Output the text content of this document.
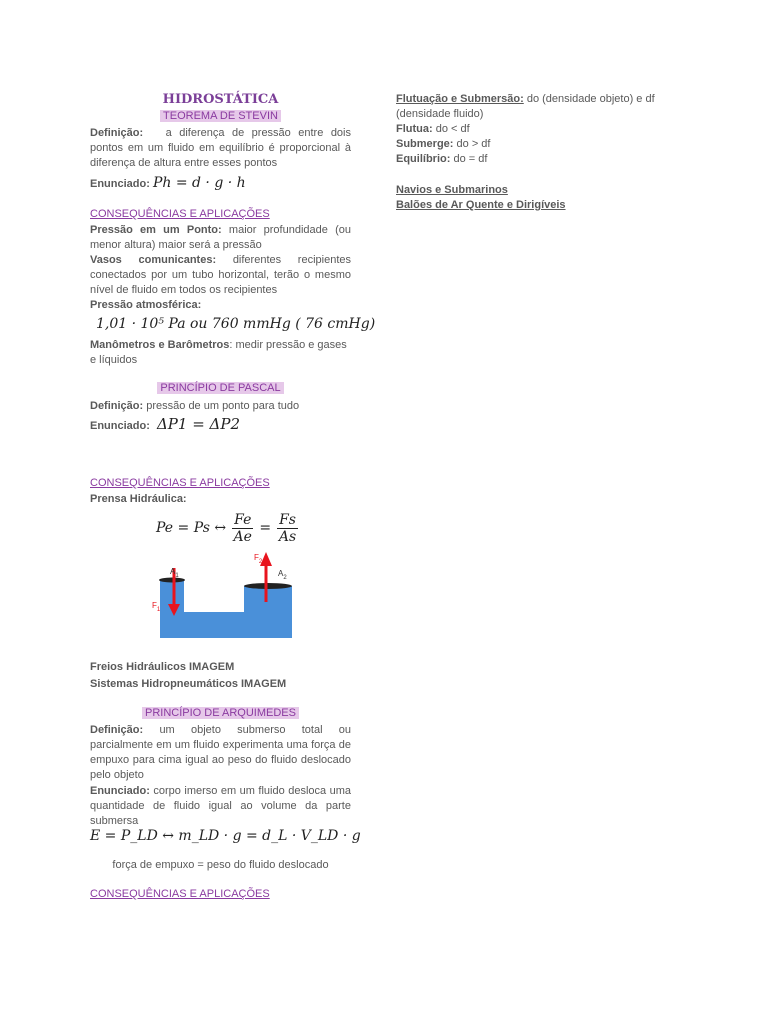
HIDROSTÁTICA
TEOREMA DE STEVIN
Definição: a diferença de pressão entre dois pontos em um fluido em equilíbrio é proporcional à diferença de altura entre esses pontos
Enunciado: Ph = d · g · h
CONSEQUÊNCIAS E APLICAÇÕES
Pressão em um Ponto: maior profundidade (ou menor altura) maior será a pressão
Vasos comunicantes: diferentes recipientes conectados por um tubo horizontal, terão o mesmo nível de fluido em todos os recipientes
Pressão atmosférica:
1,01 · 10⁵ Pa ou 760 mmHg ( 76 cmHg)
Manômetros e Barômetros: medir pressão e gases e líquidos
PRINCÍPIO DE PASCAL
Definição: pressão de um ponto para tudo
Enunciado: ΔP1 = ΔP2
CONSEQUÊNCIAS E APLICAÇÕES
Prensa Hidráulica:
Pe = Ps ↔ $\frac{Fe}{Ae} = \frac{Fs}{As}$
$A_1$	$A_2$
$F_1$
$F_2$
Freios Hidráulicos IMAGEM
Sistemas Hidropneumáticos IMAGEM
PRINCÍPIO DE ARQUIMEDES
Definição: um objeto submerso total ou parcialmente em um fluido experimenta uma força de empuxo para cima igual ao peso do fluido deslocado pelo objeto
Enunciado: corpo imerso em um fluido desloca uma quantidade de fluido igual ao volume da parte submersa
E = P_LD ↔ m_LD · g = d_L · V_LD · g
força de empuxo = peso do fluido deslocado
CONSEQUÊNCIAS E APLICAÇÕES
Flutuação e Submersão: do (densidade objeto) e df (densidade fluido)
Flutua: do < df
Submerge: do > df
Equilíbrio: do = df
Navios e Submarinos
Balões de Ar Quente e Dirigíveis
